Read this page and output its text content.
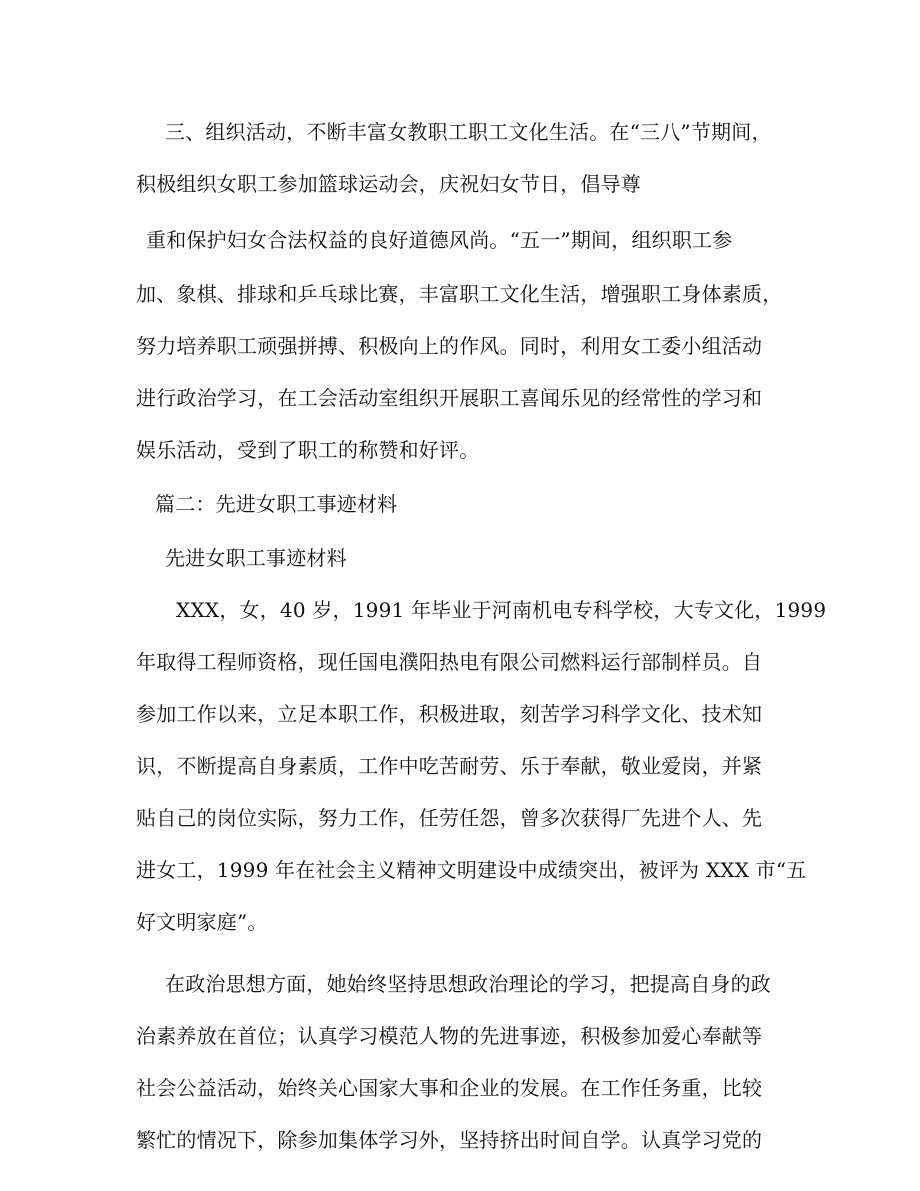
三、组织活动，不断丰富女教职工职工文化生活。在“三八”节期间，
积极组织女职工参加篮球运动会，庆祝妇女节日，倡导尊
重和保护妇女合法权益的良好道德风尚。“五一”期间，组织职工参
加、象棋、排球和乒乓球比赛，丰富职工文化生活，增强职工身体素质，
努力培养职工顽强拼搏、积极向上的作风。同时，利用女工委小组活动
进行政治学习，在工会活动室组织开展职工喜闻乐见的经常性的学习和
娱乐活动，受到了职工的称赞和好评。
篇二：先进女职工事迹材料
先进女职工事迹材料
XXX，女，40 岁，1991 年毕业于河南机电专科学校，大专文化，1999
年取得工程师资格，现任国电濮阳热电有限公司燃料运行部制样员。自
参加工作以来，立足本职工作，积极进取，刻苦学习科学文化、技术知
识，不断提高自身素质，工作中吃苦耐劳、乐于奉献，敬业爱岗，并紧
贴自己的岗位实际，努力工作，任劳任怨，曾多次获得厂先进个人、先
进女工，1999 年在社会主义精神文明建设中成绩突出，被评为 XXX 市“五
好文明家庭”。
在政治思想方面，她始终坚持思想政治理论的学习，把提高自身的政
治素养放在首位；认真学习模范人物的先进事迹，积极参加爱心奉献等
社会公益活动，始终关心国家大事和企业的发展。在工作任务重，比较
繁忙的情况下，除参加集体学习外，坚持挤出时间自学。认真学习党的
